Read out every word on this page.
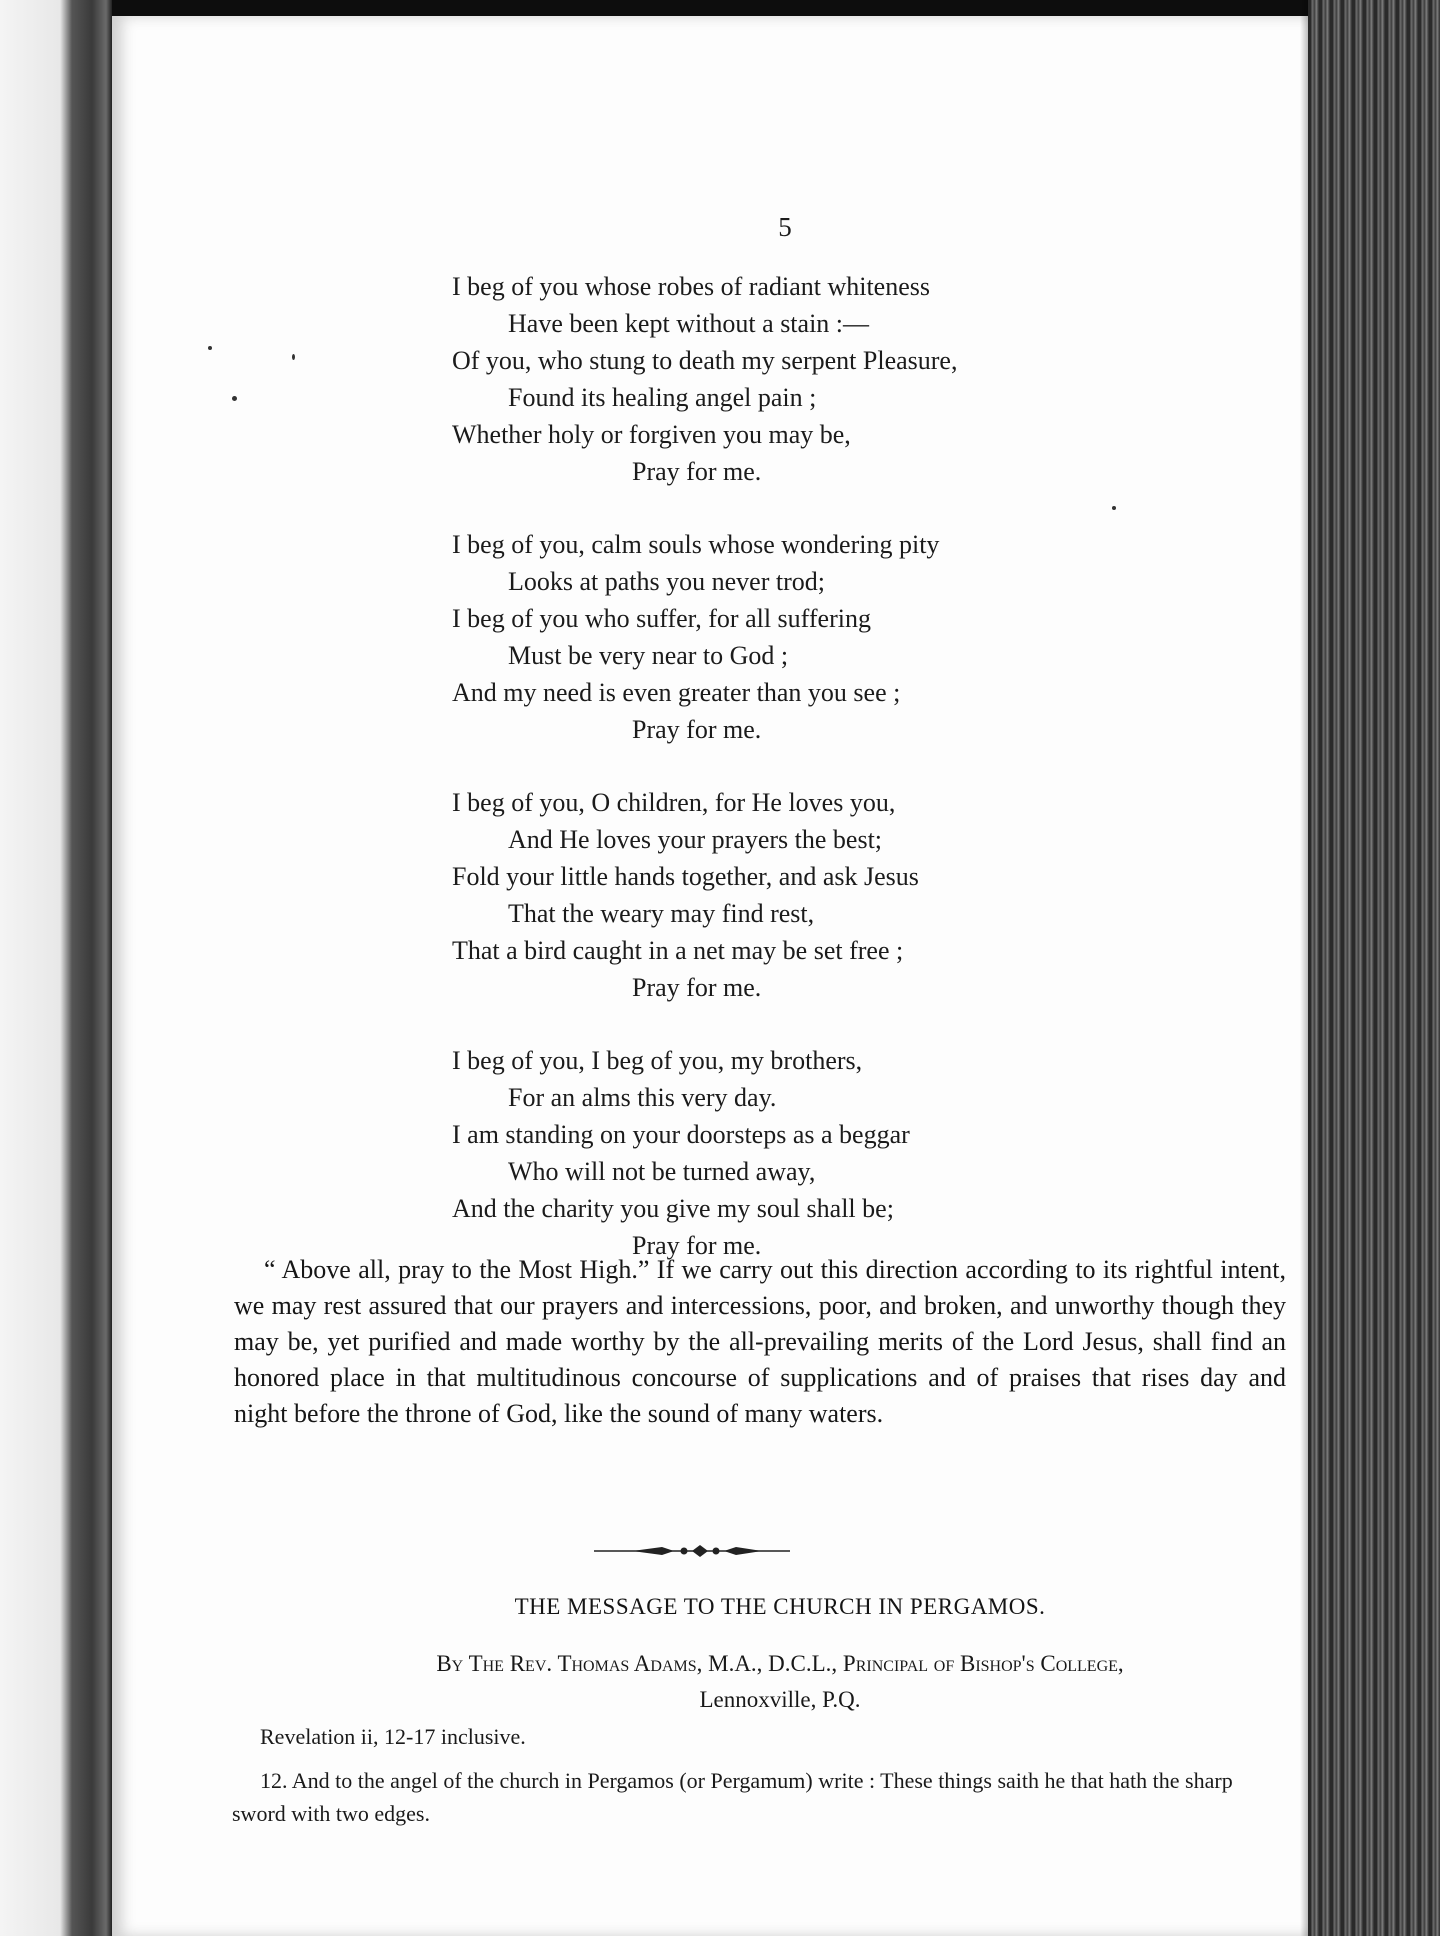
5
I beg of you whose robes of radiant whiteness
Have been kept without a stain :—
Of you, who stung to death my serpent Pleasure,
Found its healing angel pain ;
Whether holy or forgiven you may be,
Pray for me.
I beg of you, calm souls whose wondering pity
Looks at paths you never trod;
I beg of you who suffer, for all suffering
Must be very near to God ;
And my need is even greater than you see ;
Pray for me.
I beg of you, O children, for He loves you,
And He loves your prayers the best;
Fold your little hands together, and ask Jesus
That the weary may find rest,
That a bird caught in a net may be set free ;
Pray for me.
I beg of you, I beg of you, my brothers,
For an alms this very day.
I am standing on your doorsteps as a beggar
Who will not be turned away,
And the charity you give my soul shall be;
Pray for me.

“ Above all, pray to the Most High.” If we carry out this direction according to its rightful intent, we may rest assured that our prayers and intercessions, poor, and broken, and unworthy though they may be, yet purified and made worthy by the all-prevailing merits of the Lord Jesus, shall find an honored place in that multitudinous concourse of supplications and of praises that rises day and night before the throne of God, like the sound of many waters.

THE MESSAGE TO THE CHURCH IN PERGAMOS.
By The Rev. Thomas Adams, M.A., D.C.L., Principal of Bishop's College,
Lennoxville, P.Q.
Revelation ii, 12-17 inclusive.

12. And to the angel of the church in Pergamos (or Pergamum) write : These things saith he that hath the sharp sword with two edges.
